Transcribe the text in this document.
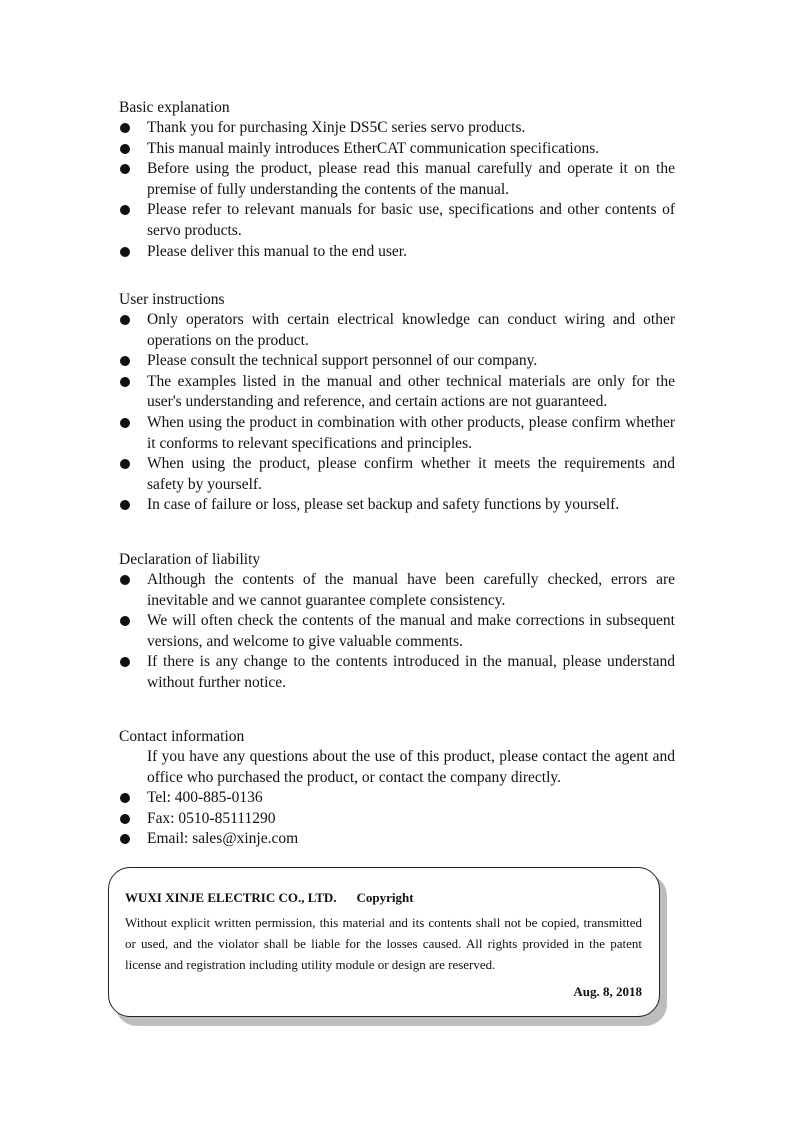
Basic explanation

Thank you for purchasing Xinje DS5C series servo products.
This manual mainly introduces EtherCAT communication specifications.
Before using the product, please read this manual carefully and operate it on the premise of fully understanding the contents of the manual.
Please refer to relevant manuals for basic use, specifications and other contents of servo products.
Please deliver this manual to the end user.

User instructions

Only operators with certain electrical knowledge can conduct wiring and other operations on the product.
Please consult the technical support personnel of our company.
The examples listed in the manual and other technical materials are only for the user's understanding and reference, and certain actions are not guaranteed.
When using the product in combination with other products, please confirm whether it conforms to relevant specifications and principles.
When using the product, please confirm whether it meets the requirements and safety by yourself.
In case of failure or loss, please set backup and safety functions by yourself.

Declaration of liability

Although the contents of the manual have been carefully checked, errors are inevitable and we cannot guarantee complete consistency.
We will often check the contents of the manual and make corrections in subsequent versions, and welcome to give valuable comments.
If there is any change to the contents introduced in the manual, please understand without further notice.

Contact information

If you have any questions about the use of this product, please contact the agent and office who purchased the product, or contact the company directly.
Tel: 400-885-0136
Fax: 0510-85111290
Email: sales@xinje.com
WUXI XINJE ELECTRIC CO., LTD. Copyright
Without explicit written permission, this material and its contents shall not be copied, transmitted or used, and the violator shall be liable for the losses caused. All rights provided in the patent license and registration including utility module or design are reserved.
Aug. 8, 2018
